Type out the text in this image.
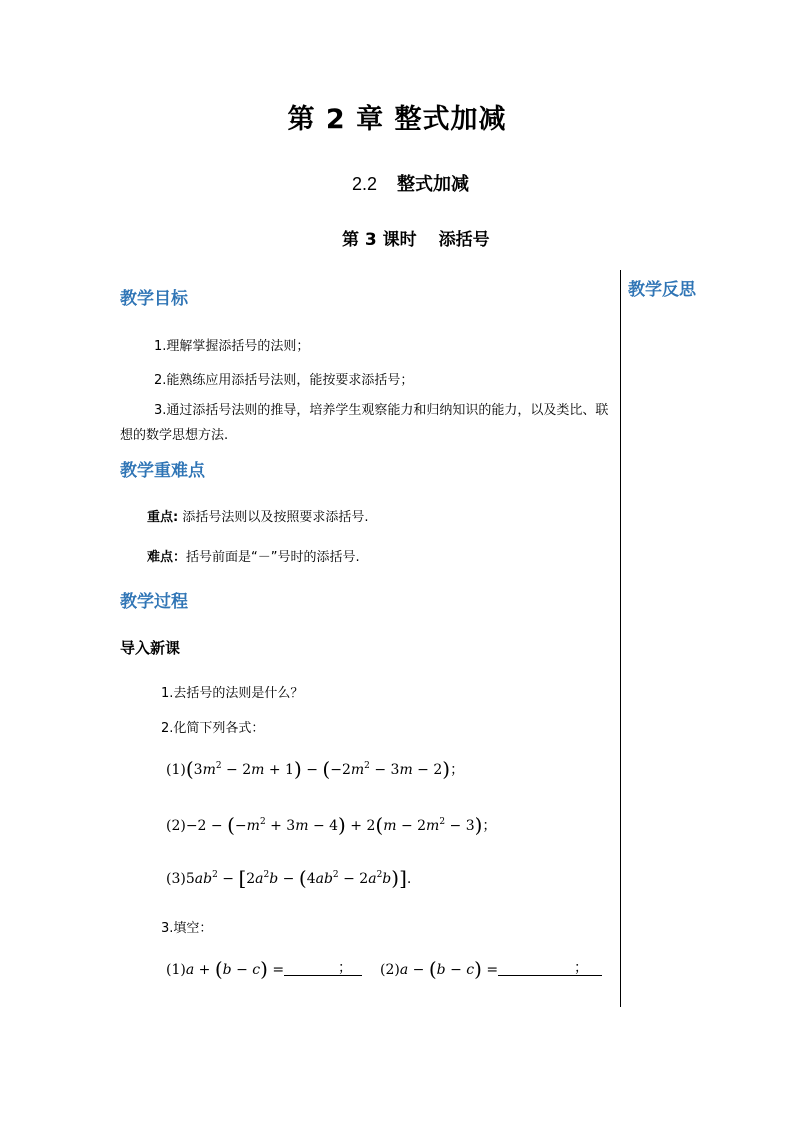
第 2 章 整式加减
2.2 整式加减
第 3 课时 添括号
教学反思
教学目标
1.理解掌握添括号的法则；
2.能熟练应用添括号法则，能按要求添括号；
3.通过添括号法则的推导，培养学生观察能力和归纳知识的能力，以及类比、联想的数学思想方法.
教学重难点
重点: 添括号法则以及按照要求添括号.
难点：括号前面是“－”号时的添括号.
教学过程
导入新课
1.去括号的法则是什么？
2.化简下列各式：
$(1)(3m^2 - 2m + 1) - (-2m^2 - 3m - 2)$；
$(2)-2 - (-m^2 + 3m - 4) + 2(m - 2m^2 - 3)$；
$(3)5ab^2 - [2a^2b - (4ab^2 - 2a^2b)]$.
3.填空：
(1)a + (b − c) =	； (2)a − (b − c) =	；
